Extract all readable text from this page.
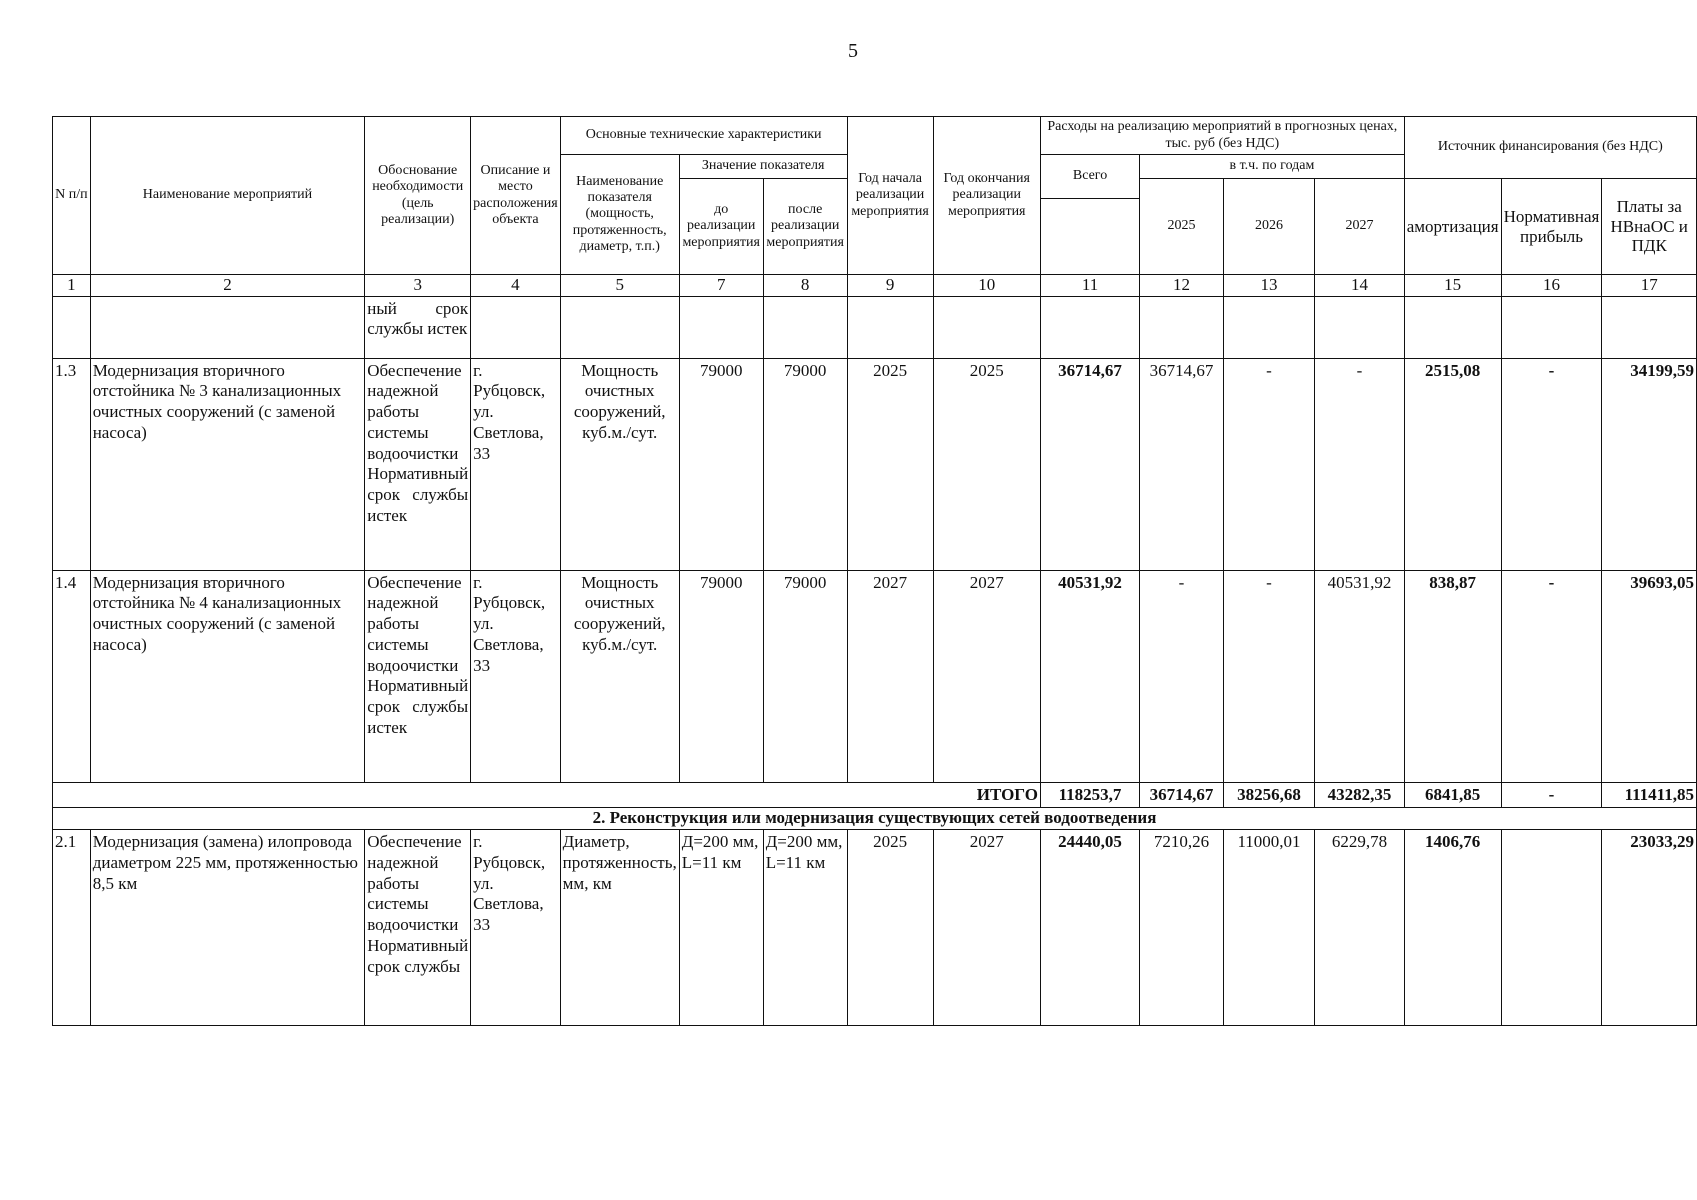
5
N п/п	Наименование мероприятий	Обоснование необходимости (цель реализации)	Описание и место расположения объекта	Основные технические характеристики			Год начала реализации мероприятия	Год окончания реализации мероприятия	Расходы на реализацию мероприятий в прогнозных ценах, тыс. руб (без НДС)				Источник финансирования (без НДС)		
				Наименование показателя (мощность, протяженность, диаметр, т.п.)	Значение показателя				Всего	в т.ч. по годам					
					до реализации мероприятия	после реализации мероприятия				2025	2026	2027	амортизация	Нормативная прибыль	Платы за НВнаОС и ПДК

1	2	3	4	5	7	8	9	10	11	12	13	14	15	16	17
		ный срок службы истек													
1.3	Модернизация вторичного отстойника № 3 канализационных очистных сооружений (с заменой насоса)	Обеспечение надежной работы системы водоочистки Нормативный срок службы истек	г. Рубцовск, ул. Светлова, 33	Мощность очистных сооружений, куб.м./сут.	79000	79000	2025	2025	36714,67	36714,67	-	-	2515,08	-	34199,59
1.4	Модернизация вторичного отстойника № 4 канализационных очистных сооружений (с заменой насоса)	Обеспечение надежной работы системы водоочистки Нормативный срок службы истек	г. Рубцовск, ул. Светлова, 33	Мощность очистных сооружений, куб.м./сут.	79000	79000	2027	2027	40531,92	-	-	40531,92	838,87	-	39693,05
ИТОГО									118253,7	36714,67	38256,68	43282,35	6841,85	-	111411,85
2. Реконструкция или модернизация существующих сетей водоотведения															
2.1	Модернизация (замена) илопровода диаметром 225 мм, протяженностью 8,5 км	Обеспечение надежной работы системы водоочистки Нормативный срок службы	г. Рубцовск, ул. Светлова, 33	Диаметр, протяженность, мм, км	Д=200 мм, L=11 км	Д=200 мм, L=11 км	2025	2027	24440,05	7210,26	11000,01	6229,78	1406,76		23033,29
